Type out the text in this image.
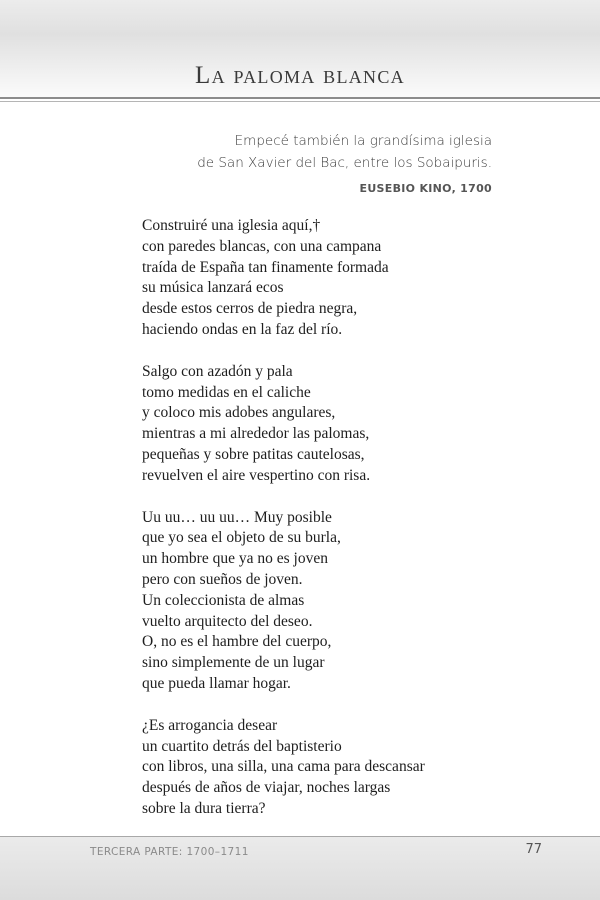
La paloma blanca
Empecé también la grandísima iglesia
de San Xavier del Bac, entre los Sobaipuris.
EUSEBIO KINO, 1700
Construiré una iglesia aquí,†
con paredes blancas, con una campana
traída de España tan finamente formada
su música lanzará ecos
desde estos cerros de piedra negra,
haciendo ondas en la faz del río.
Salgo con azadón y pala
tomo medidas en el caliche
y coloco mis adobes angulares,
mientras a mi alrededor las palomas,
pequeñas y sobre patitas cautelosas,
revuelven el aire vespertino con risa.
Uu uu… uu uu… Muy posible
que yo sea el objeto de su burla,
un hombre que ya no es joven
pero con sueños de joven.
Un coleccionista de almas
vuelto arquitecto del deseo.
O, no es el hambre del cuerpo,
sino simplemente de un lugar
que pueda llamar hogar.
¿Es arrogancia desear
un cuartito detrás del baptisterio
con libros, una silla, una cama para descansar
después de años de viajar, noches largas
sobre la dura tierra?
TERCERA PARTE: 1700–1711	77
